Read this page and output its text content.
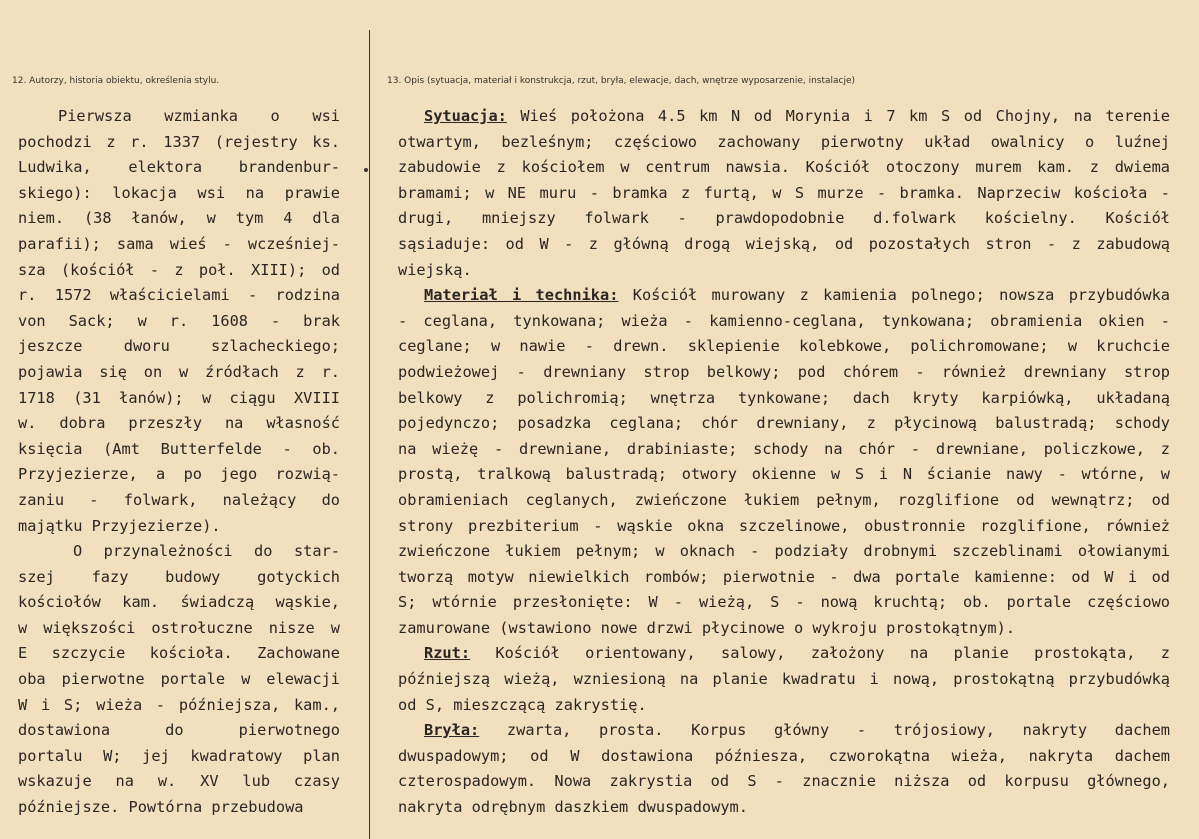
12. Autorzy, historia obiektu, określenia stylu.	13. Opis (sytuacja, materiał i konstrukcja, rzut, bryła, elewacje, dach, wnętrze wyposarzenie, instalacje)
Pierwsza wzmianka o wsi
pochodzi z r. 1337 (rejestry ks.
Ludwika, elektora brandenbur-
skiego): lokacja wsi na prawie
niem. (38 łanów, w tym 4 dla
parafii); sama wieś - wcześniej-
sza (kościół - z poł. XIII); od
r. 1572 właścicielami - rodzina
von Sack; w r. 1608 - brak
jeszcze dworu szlacheckiego;
pojawia się on w źródłach z r.
1718 (31 łanów); w ciągu XVIII
w. dobra przeszły na własność
księcia (Amt Butterfelde - ob.
Przyjezierze, a po jego rozwią-
zaniu - folwark, należący do
majątku Przyjezierze).
O przynależności do star-
szej fazy budowy gotyckich
kościołów kam. świadczą wąskie,
w większości ostrołuczne nisze w
E szczycie kościoła. Zachowane
oba pierwotne portale w elewacji
W i S; wieża - późniejsza, kam.,
dostawiona do pierwotnego
portalu W; jej kwadratowy plan
wskazuje na w. XV lub czasy
późniejsze. Powtórna przebudowa
Sytuacja: Wieś położona 4.5 km N od Morynia i 7 km S od Chojny, na terenie
otwartym, bezleśnym; częściowo zachowany pierwotny układ owalnicy o luźnej
zabudowie z kościołem w centrum nawsia. Kościół otoczony murem kam. z dwiema
bramami; w NE muru - bramka z furtą, w S murze - bramka. Naprzeciw kościoła -
drugi, mniejszy folwark - prawdopodobnie d.folwark kościelny. Kościół
sąsiaduje: od W - z główną drogą wiejską, od pozostałych stron - z zabudową
wiejską.
Materiał i technika: Kościół murowany z kamienia polnego; nowsza przybudówka
- ceglana, tynkowana; wieża - kamienno-ceglana, tynkowana; obramienia okien -
ceglane; w nawie - drewn. sklepienie kolebkowe, polichromowane; w kruchcie
podwieżowej - drewniany strop belkowy; pod chórem - również drewniany strop
belkowy z polichromią; wnętrza tynkowane; dach kryty karpiówką, układaną
pojedynczo; posadzka ceglana; chór drewniany, z płycinową balustradą; schody
na wieżę - drewniane, drabiniaste; schody na chór - drewniane, policzkowe, z
prostą, tralkową balustradą; otwory okienne w S i N ścianie nawy - wtórne, w
obramieniach ceglanych, zwieńczone łukiem pełnym, rozglifione od wewnątrz; od
strony prezbiterium - wąskie okna szczelinowe, obustronnie rozglifione, również
zwieńczone łukiem pełnym; w oknach - podziały drobnymi szczeblinami ołowianymi
tworzą motyw niewielkich rombów; pierwotnie - dwa portale kamienne: od W i od
S; wtórnie przesłonięte: W - wieżą, S - nową kruchtą; ob. portale częściowo
zamurowane (wstawiono nowe drzwi płycinowe o wykroju prostokątnym).
Rzut: Kościół orientowany, salowy, założony na planie prostokąta, z
późniejszą wieżą, wzniesioną na planie kwadratu i nową, prostokątną przybudówką
od S, mieszczącą zakrystię.
Bryła: zwarta, prosta. Korpus główny - trójosiowy, nakryty dachem
dwuspadowym; od W dostawiona późniesza, czworokątna wieża, nakryta dachem
czterospadowym. Nowa zakrystia od S - znacznie niższa od korpusu głównego,
nakryta odrębnym daszkiem dwuspadowym.
